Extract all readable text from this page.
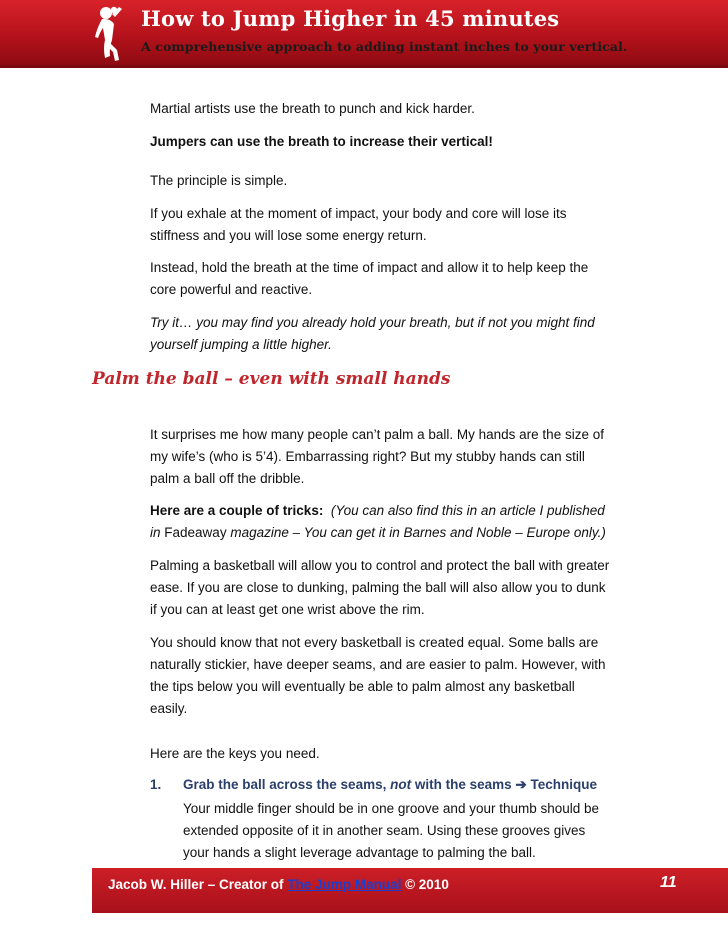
How to Jump Higher in 45 minutes
A comprehensive approach to adding instant inches to your vertical.
Martial artists use the breath to punch and kick harder.
Jumpers can use the breath to increase their vertical!
The principle is simple.
If you exhale at the moment of impact, your body and core will lose its
stiffness and you will lose some energy return.
Instead, hold the breath at the time of impact and allow it to help keep the
core powerful and reactive.
Try it… you may find you already hold your breath, but if not you might find
yourself jumping a little higher.
Palm the ball – even with small hands
It surprises me how many people can’t palm a ball. My hands are the size of
my wife’s (who is 5’4). Embarrassing right? But my stubby hands can still
palm a ball off the dribble.
Here are a couple of tricks: (You can also find this in an article I published
in Fadeaway magazine – You can get it in Barnes and Noble – Europe only.)
Palming a basketball will allow you to control and protect the ball with greater
ease. If you are close to dunking, palming the ball will also allow you to dunk
if you can at least get one wrist above the rim.
You should know that not every basketball is created equal. Some balls are
naturally stickier, have deeper seams, and are easier to palm. However, with
the tips below you will eventually be able to palm almost any basketball
easily.
Here are the keys you need.
1. Grab the ball across the seams, not with the seams ➔ Technique
Your middle finger should be in one groove and your thumb should be
extended opposite of it in another seam. Using these grooves gives
your hands a slight leverage advantage to palming the ball.
Jacob W. Hiller – Creator of The Jump Manual © 2010	11
